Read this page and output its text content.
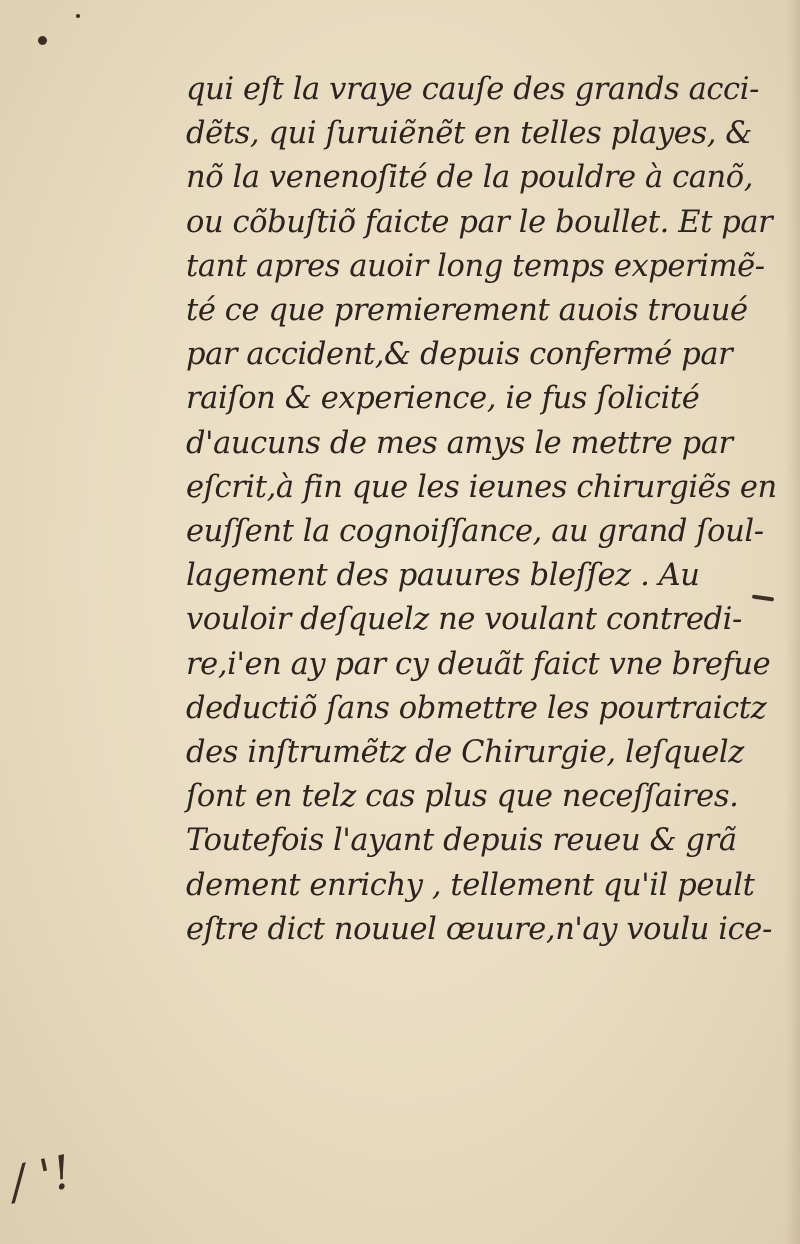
qui eſt la vraye cauſe des grands acci-
dẽts, qui ſuruiẽnẽt en telles playes, &
nõ la venenoſité de la pouldre à canõ,
ou cõbuſtiõ faicte par le boullet. Et par
tant apres auoir long temps experimẽ-
té ce que premierement auois trouué
par accident,& depuis confermé par
raiſon & experience, ie fus ſolicité
d'aucuns de mes amys le mettre par
eſcrit,à fin que les ieunes chirurgiẽs en
euſſent la cognoiſſance, au grand ſoul-
lagement des pauures bleſſez . Au
vouloir deſquelz ne voulant contredi-
re,i'en ay par cy deuãt faict vne brefue
deductiõ ſans obmettre les pourtraictz
des inſtrumẽtz de Chirurgie, leſquelz
ſont en telz cas plus que neceſſaires.
Toutefois l'ayant depuis reueu & grã
dement enrichy , tellement qu'il peult
eſtre dict nouuel œuure,n'ay voulu ice-
/ '!
